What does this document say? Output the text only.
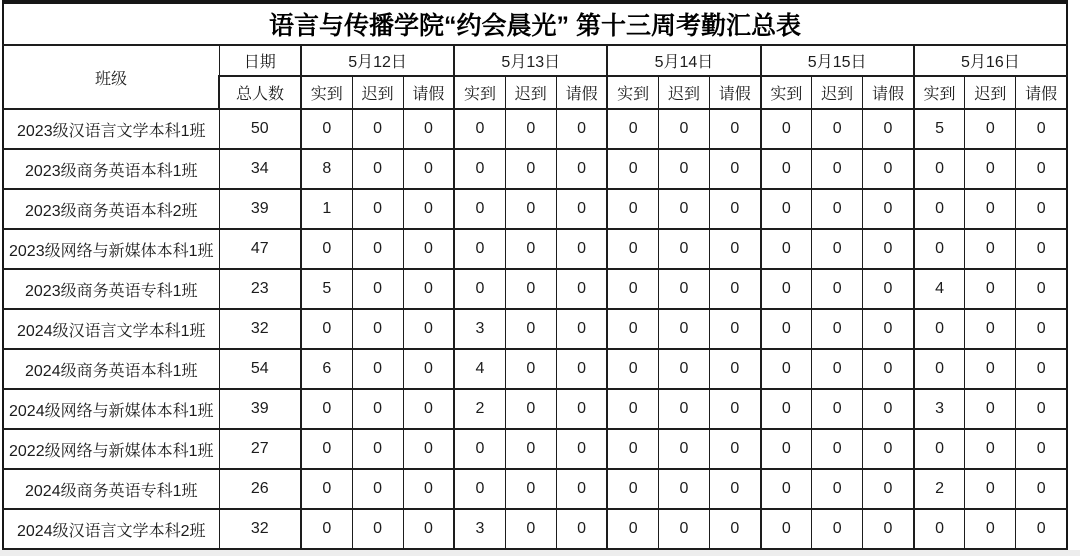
语言与传播学院“约会晨光” 第十三周考勤汇总表																
班级	日期	5月12日			5月13日			5月14日			5月15日			5月16日		
	总人数	实到	迟到	请假	实到	迟到	请假	实到	迟到	请假	实到	迟到	请假	实到	迟到	请假
2023级汉语言文学本科1班	50	0	0	0	0	0	0	0	0	0	0	0	0	5	0	0
2023级商务英语本科1班	34	8	0	0	0	0	0	0	0	0	0	0	0	0	0	0
2023级商务英语本科2班	39	1	0	0	0	0	0	0	0	0	0	0	0	0	0	0
2023级网络与新媒体本科1班	47	0	0	0	0	0	0	0	0	0	0	0	0	0	0	0
2023级商务英语专科1班	23	5	0	0	0	0	0	0	0	0	0	0	0	4	0	0
2024级汉语言文学本科1班	32	0	0	0	3	0	0	0	0	0	0	0	0	0	0	0
2024级商务英语本科1班	54	6	0	0	4	0	0	0	0	0	0	0	0	0	0	0
2024级网络与新媒体本科1班	39	0	0	0	2	0	0	0	0	0	0	0	0	3	0	0
2022级网络与新媒体本科1班	27	0	0	0	0	0	0	0	0	0	0	0	0	0	0	0
2024级商务英语专科1班	26	0	0	0	0	0	0	0	0	0	0	0	0	2	0	0
2024级汉语言文学本科2班	32	0	0	0	3	0	0	0	0	0	0	0	0	0	0	0
